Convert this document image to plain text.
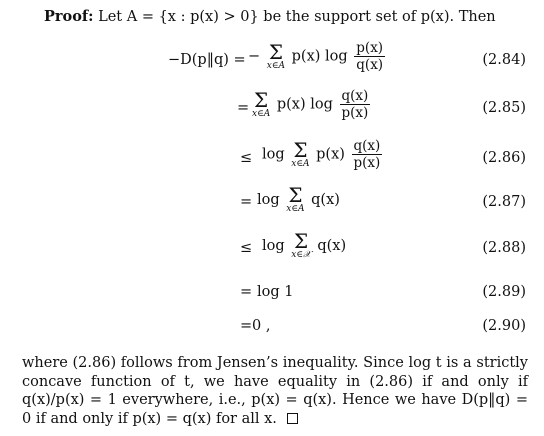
Proof: Let A = {x : p(x) > 0} be the support set of p(x). Then
−D(p‖q) = − Σ
x∈A
p(x) $\log \frac{p(x)}{q(x)}$	(2.84)
= Σ
x∈A
p(x) $\log \frac{q(x)}{p(x)}$	(2.85)
≤ log Σ
x∈A
$p(x) \frac{q(x)}{p(x)}$	(2.86)
= log Σ
x∈A
q(x)	(2.87)
≤ log Σ
x∈𝒳
q(x)	(2.88)
= log 1	(2.89)
= 0 ,	(2.90)
where (2.86) follows from Jensen’s inequality. Since log t is a strictly concave function of t, we have equality in (2.86) if and only if q(x)/p(x) = 1 everywhere, i.e., p(x) = q(x). Hence we have D(p‖q) = 0 if and only if p(x) = q(x) for all x.
